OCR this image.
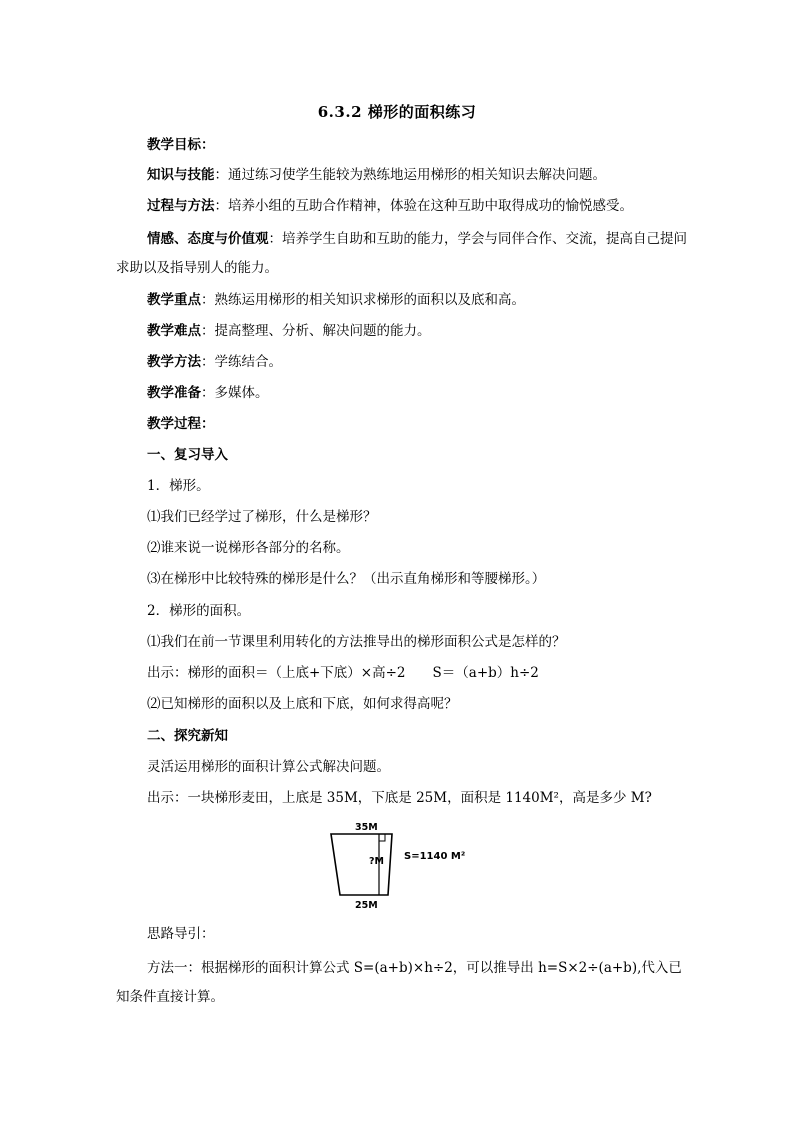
6.3.2 梯形的面积练习
教学目标：
知识与技能：通过练习使学生能较为熟练地运用梯形的相关知识去解决问题。
过程与方法：培养小组的互助合作精神，体验在这种互助中取得成功的愉悦感受。
情感、态度与价值观：培养学生自助和互助的能力，学会与同伴合作、交流，提高自己提问求助以及指导别人的能力。
教学重点：熟练运用梯形的相关知识求梯形的面积以及底和高。
教学难点：提高整理、分析、解决问题的能力。
教学方法：学练结合。
教学准备：多媒体。
教学过程：
一、复习导入
1．梯形。
⑴我们已经学过了梯形，什么是梯形？
⑵谁来说一说梯形各部分的名称。
⑶在梯形中比较特殊的梯形是什么？（出示直角梯形和等腰梯形。）
2．梯形的面积。
⑴我们在前一节课里利用转化的方法推导出的梯形面积公式是怎样的？
出示：梯形的面积＝（上底+下底）×高÷2　　S＝（a+b）h÷2
⑵已知梯形的面积以及上底和下底，如何求得高呢？
二、探究新知
灵活运用梯形的面积计算公式解决问题。
出示：一块梯形麦田，上底是 35M，下底是 25M，面积是 1140M²，高是多少 M?
35M
?M
25M
S=1140 M²
思路导引：
方法一：根据梯形的面积计算公式 S=(a+b)×h÷2，可以推导出 h=S×2÷(a+b),代入已知条件直接计算。
